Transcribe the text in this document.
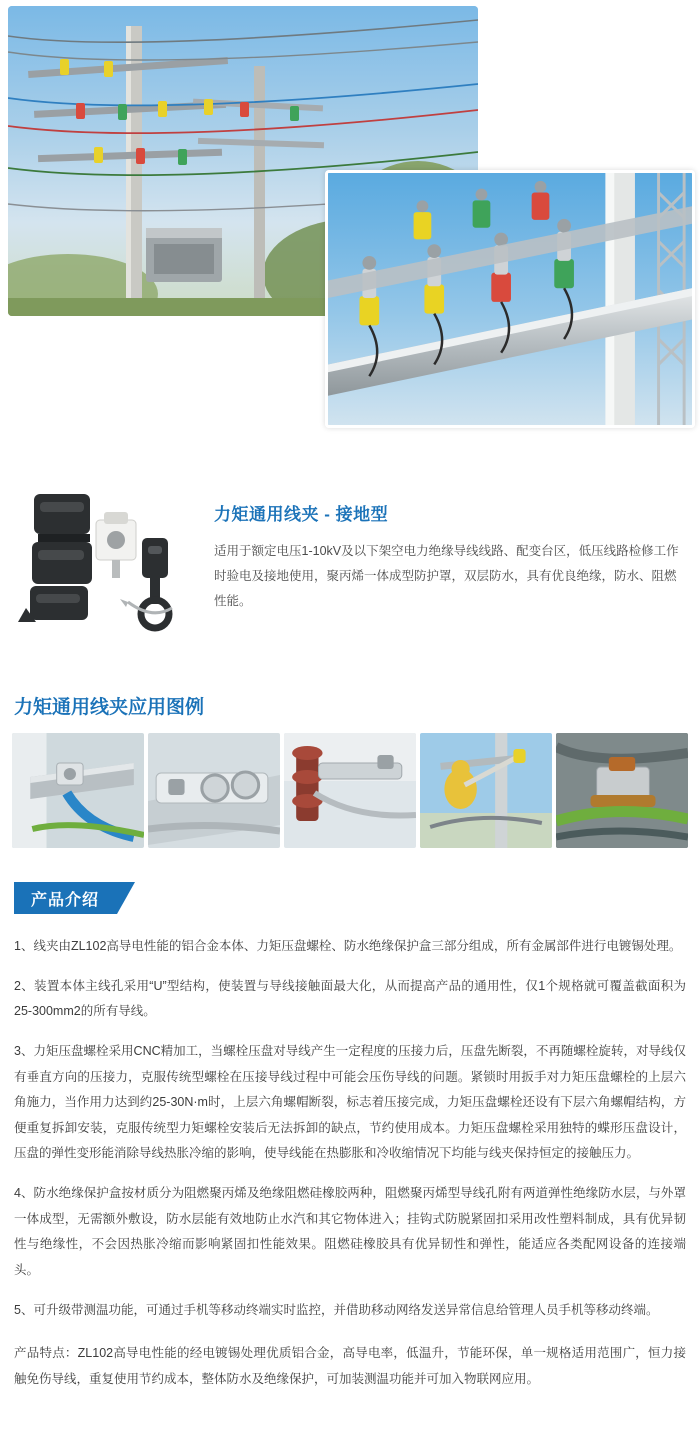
力矩通用线夹 - 接地型

适用于额定电压1-10kV及以下架空电力绝缘导线线路、配变台区，低压线路检修工作时验电及接地使用，聚丙烯一体成型防护罩，双层防水，具有优良绝缘，防水、阻燃性能。

力矩通用线夹应用图例
产品介绍

1、线夹由ZL102高导电性能的铝合金本体、力矩压盘螺栓、防水绝缘保护盒三部分组成，所有金属部件进行电镀锡处理。

2、装置本体主线孔采用“U”型结构，使装置与导线接触面最大化，从而提高产品的通用性，仅1个规格就可覆盖截面积为25-300mm2的所有导线。

3、力矩压盘螺栓采用CNC精加工，当螺栓压盘对导线产生一定程度的压接力后，压盘先断裂，不再随螺栓旋转，对导线仅有垂直方向的压接力，克服传统型螺栓在压接导线过程中可能会压伤导线的问题。紧锁时用扳手对力矩压盘螺栓的上层六角施力，当作用力达到约25-30N·m时，上层六角螺帽断裂，标志着压接完成，力矩压盘螺栓还设有下层六角螺帽结构，方便重复拆卸安装，克服传统型力矩螺栓安装后无法拆卸的缺点，节约使用成本。力矩压盘螺栓采用独特的蝶形压盘设计，压盘的弹性变形能消除导线热胀冷缩的影响，使导线能在热膨胀和冷收缩情况下均能与线夹保持恒定的接触压力。

4、防水绝缘保护盒按材质分为阻燃聚丙烯及绝缘阻燃硅橡胶两种，阻燃聚丙烯型导线孔附有两道弹性绝缘防水层，与外罩一体成型，无需额外敷设，防水层能有效地防止水汽和其它物体进入；挂钩式防脱紧固扣采用改性塑料制成，具有优异韧性与绝缘性，不会因热胀冷缩而影响紧固扣性能效果。阻燃硅橡胶具有优异韧性和弹性，能适应各类配网设备的连接端头。

5、可升级带测温功能，可通过手机等移动终端实时监控，并借助移动网络发送异常信息给管理人员手机等移动终端。

产品特点：ZL102高导电性能的经电镀锡处理优质铝合金，高导电率，低温升，节能环保，单一规格适用范围广，恒力接触免伤导线，重复使用节约成本，整体防水及绝缘保护，可加装测温功能并可加入物联网应用。
